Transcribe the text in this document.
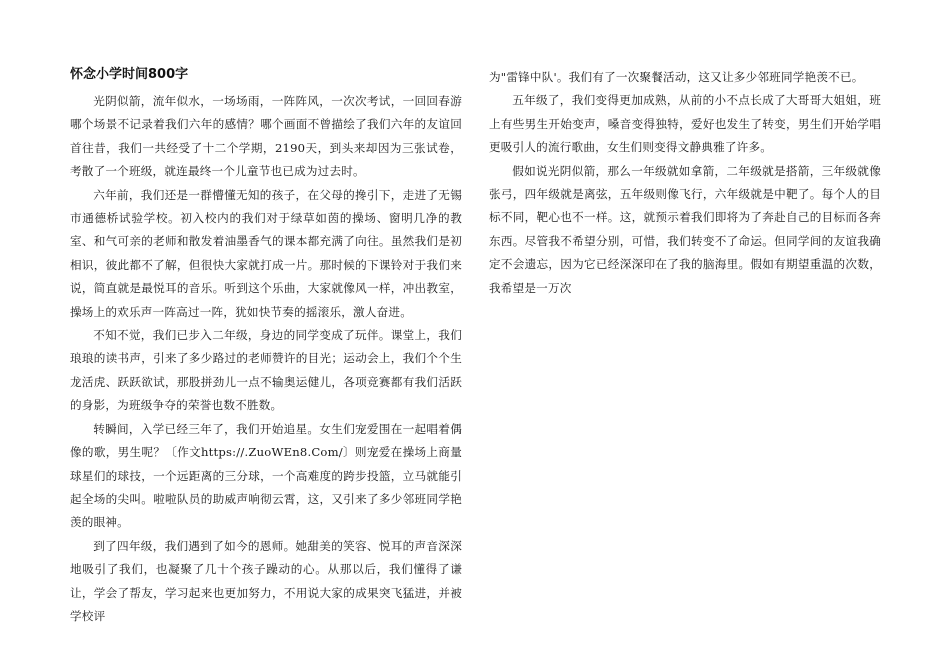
怀念小学时间800字

光阴似箭，流年似水，一场场雨，一阵阵风，一次次考试，一回回春游哪个场景不记录着我们六年的感情？哪个画面不曾描绘了我们六年的友谊回首往昔，我们一共经受了十二个学期，2190天，到头来却因为三张试卷，考散了一个班级，就连最终一个儿童节也已成为过去时。

六年前，我们还是一群懵懂无知的孩子，在父母的搀引下，走进了无锡市通德桥试验学校。初入校内的我们对于绿草如茵的操场、窗明几净的教室、和气可亲的老师和散发着油墨香气的课本都充满了向往。虽然我们是初相识，彼此都不了解，但很快大家就打成一片。那时候的下课铃对于我们来说，简直就是最悦耳的音乐。听到这个乐曲，大家就像风一样，冲出教室，操场上的欢乐声一阵高过一阵，犹如快节奏的摇滚乐，激人奋进。

不知不觉，我们已步入二年级，身边的同学变成了玩伴。课堂上，我们琅琅的读书声，引来了多少路过的老师赞许的目光；运动会上，我们个个生龙活虎、跃跃欲试，那股拼劲儿一点不输奥运健儿，各项竞赛都有我们活跃的身影，为班级争夺的荣誉也数不胜数。

转瞬间，入学已经三年了，我们开始追星。女生们宠爱围在一起唱着偶像的歌，男生呢？〔作文https://.ZuoWEn8.Com/〕则宠爱在操场上商量球星们的球技，一个远距离的三分球，一个高难度的跨步投篮，立马就能引起全场的尖叫。啦啦队员的助威声响彻云霄，这，又引来了多少邻班同学艳羡的眼神。

到了四年级，我们遇到了如今的恩师。她甜美的笑容、悦耳的声音深深地吸引了我们，也凝聚了几十个孩子躁动的心。从那以后，我们懂得了谦让，学会了帮友，学习起来也更加努力，不用说大家的成果突飞猛进，并被学校评

为"雷锋中队'。我们有了一次聚餐活动，这又让多少邻班同学艳羡不已。

五年级了，我们变得更加成熟，从前的小不点长成了大哥哥大姐姐，班上有些男生开始变声，嗓音变得独特，爱好也发生了转变，男生们开始学唱更吸引人的流行歌曲，女生们则变得文静典雅了许多。

假如说光阴似箭，那么一年级就如拿箭，二年级就是搭箭，三年级就像张弓，四年级就是离弦，五年级则像飞行，六年级就是中靶了。每个人的目标不同，靶心也不一样。这，就预示着我们即将为了奔赴自己的目标而各奔东西。尽管我不希望分别，可惜，我们转变不了命运。但同学间的友谊我确定不会遗忘，因为它已经深深印在了我的脑海里。假如有期望重温的次数，我希望是一万次
